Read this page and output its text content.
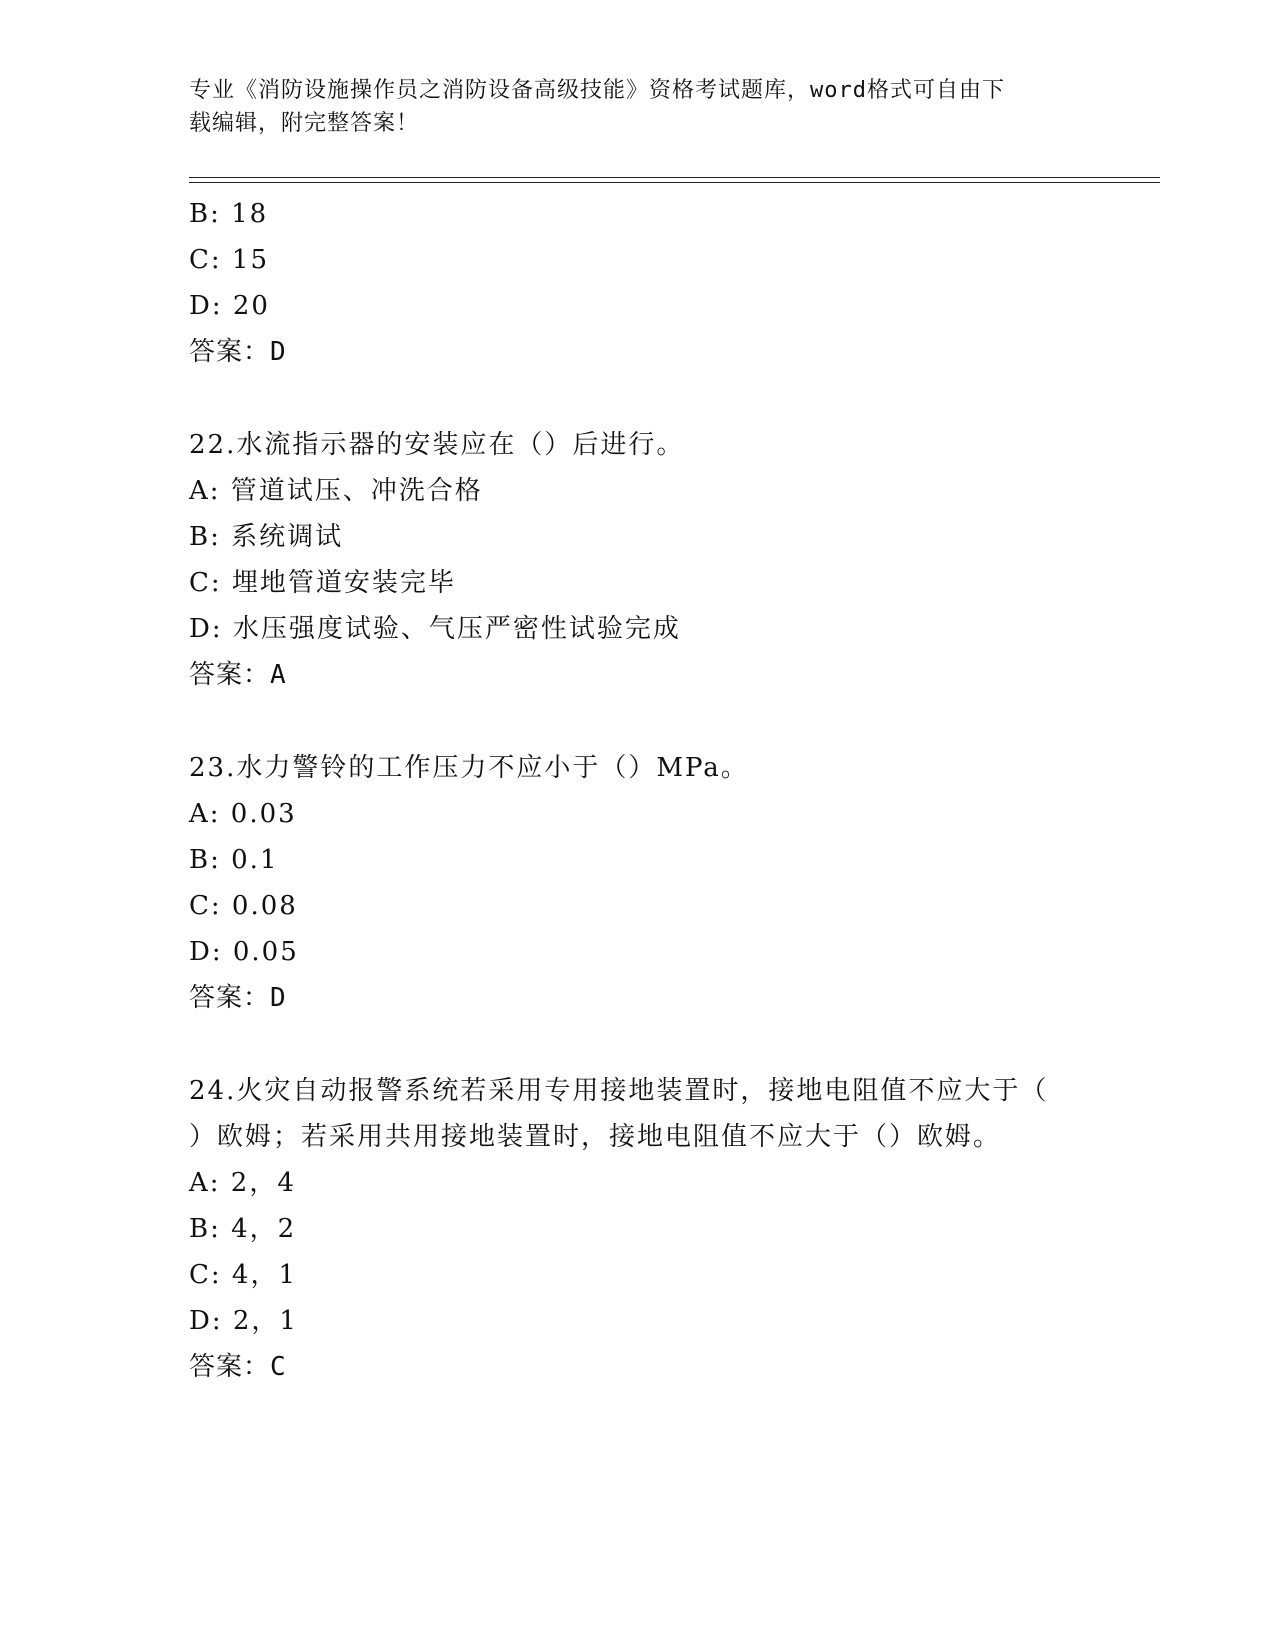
专业《消防设施操作员之消防设备高级技能》资格考试题库，word格式可自由下
载编辑，附完整答案！
B: 18
C: 15
D: 20
答案：D
22.水流指示器的安装应在（）后进行。
A: 管道试压、冲洗合格
B: 系统调试
C: 埋地管道安装完毕
D: 水压强度试验、气压严密性试验完成
答案：A
23.水力警铃的工作压力不应小于（）MPa。
A: 0.03
B: 0.1
C: 0.08
D: 0.05
答案：D
24.火灾自动报警系统若采用专用接地装置时，接地电阻值不应大于（
）欧姆；若采用共用接地装置时，接地电阻值不应大于（）欧姆。
A: 2，4
B: 4，2
C: 4，1
D: 2，1
答案：C
